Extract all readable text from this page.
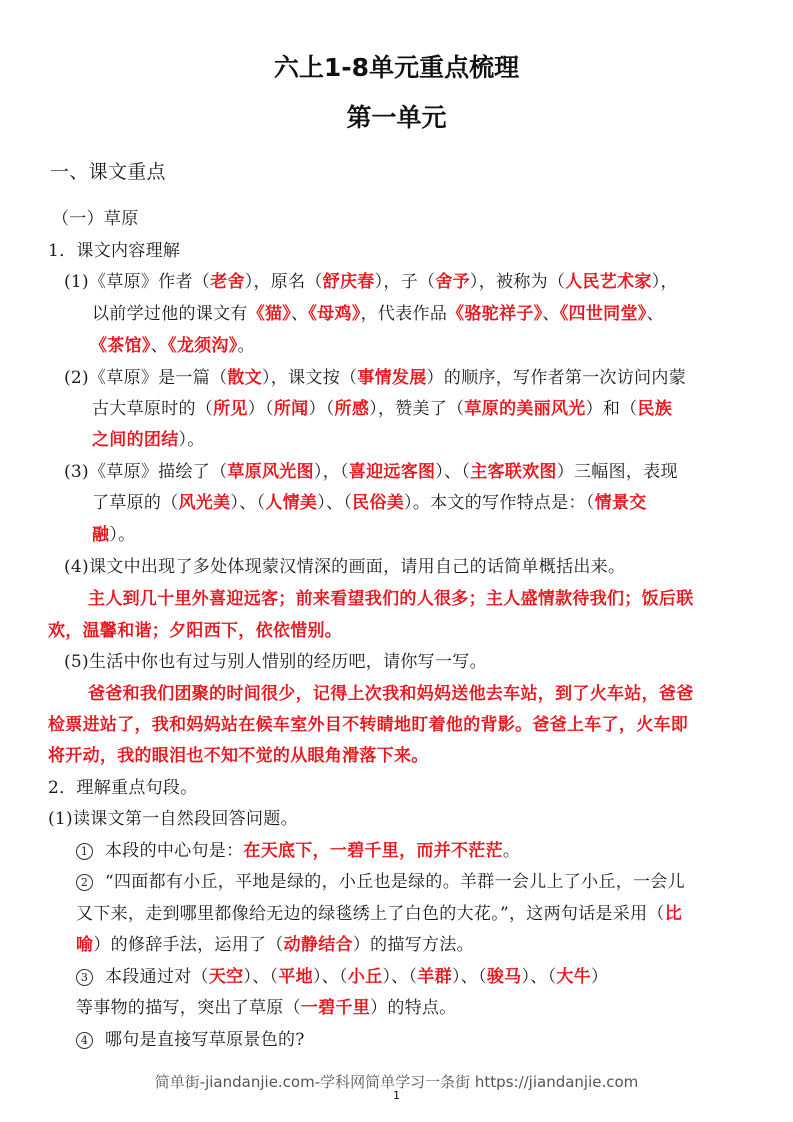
六上1-8单元重点梳理
第一单元
一、课文重点
（一）草原
1．课文内容理解
(1)《草原》作者（老舍），原名（舒庆春），子（舍予），被称为（人民艺术家），
以前学过他的课文有《猫》、《母鸡》，代表作品《骆驼祥子》、《四世同堂》、
《茶馆》、《龙须沟》。
(2)《草原》是一篇（散文），课文按（事情发展）的顺序，写作者第一次访问内蒙
古大草原时的（所见）（所闻）（所感），赞美了（草原的美丽风光）和（民族
之间的团结）。
(3)《草原》描绘了（草原风光图），（喜迎远客图）、（主客联欢图）三幅图，表现
了草原的（风光美）、（人情美）、（民俗美）。本文的写作特点是：（情景交
融）。
(4)课文中出现了多处体现蒙汉情深的画面，请用自己的话简单概括出来。
主人到几十里外喜迎远客；前来看望我们的人很多；主人盛情款待我们；饭后联
欢，温馨和谐；夕阳西下，依依惜别。
(5)生活中你也有过与别人惜别的经历吧，请你写一写。
爸爸和我们团聚的时间很少，记得上次我和妈妈送他去车站，到了火车站，爸爸
检票进站了，我和妈妈站在候车室外目不转睛地盯着他的背影。爸爸上车了，火车即
将开动，我的眼泪也不知不觉的从眼角滑落下来。
2．理解重点句段。
(1)读课文第一自然段回答问题。
1 本段的中心句是：在天底下，一碧千里，而并不茫茫。
2 “四面都有小丘，平地是绿的，小丘也是绿的。羊群一会儿上了小丘，一会儿
又下来，走到哪里都像给无边的绿毯绣上了白色的大花。”，这两句话是采用（比
喻）的修辞手法，运用了（动静结合）的描写方法。
3 本段通过对（天空）、（平地）、（小丘）、（羊群）、（骏马）、（大牛）
等事物的描写，突出了草原（一碧千里）的特点。
4 哪句是直接写草原景色的?
简单街-jiandanjie.com-学科网简单学习一条街 https://jiandanjie.com
1
